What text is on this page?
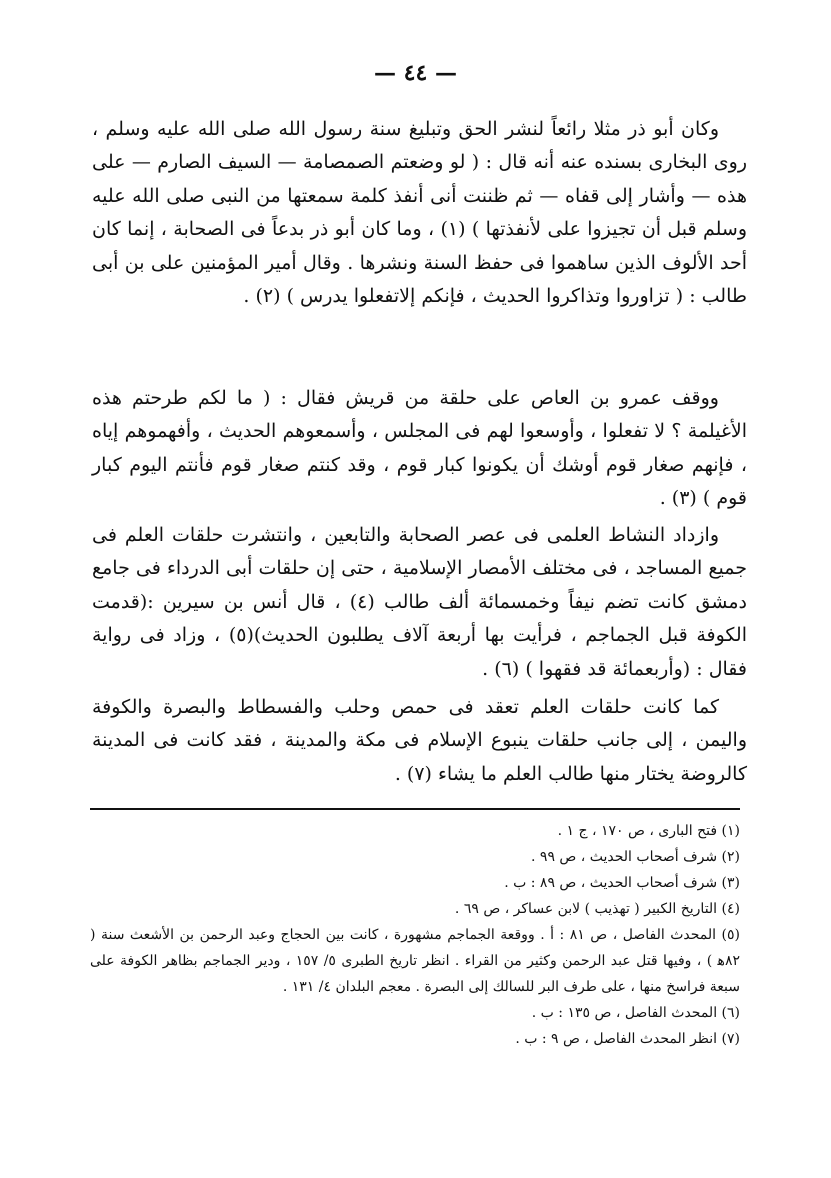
— ٤٤ —

وكان أبو ذر مثلا رائعاً لنشر الحق وتبليغ سنة رسول الله صلى الله عليه وسلم ، روى البخارى بسنده عنه أنه قال : ( لو وضعتم الصمصامة — السيف الصارم — على هذه — وأشار إلى قفاه — ثم ظننت أنى أنفذ كلمة سمعتها من النبى صلى الله عليه وسلم قبل أن تجيزوا على لأنفذتها ) (١) ، وما كان أبو ذر بدعاً فى الصحابة ، إنما كان أحد الألوف الذين ساهموا فى حفظ السنة ونشرها . وقال أمير المؤمنين على بن أبى طالب : ( تزاوروا وتذاكروا الحديث ، فإنكم إلاتفعلوا يدرس ) (٢) .

ووقف عمرو بن العاص على حلقة من قريش فقال : ( ما لكم طرحتم هذه الأغيلمة ؟ لا تفعلوا ، وأوسعوا لهم فى المجلس ، وأسمعوهم الحديث ، وأفهموهم إياه ، فإنهم صغار قوم أوشك أن يكونوا كبار قوم ، وقد كنتم صغار قوم فأنتم اليوم كبار قوم ) (٣) .

وازداد النشاط العلمى فى عصر الصحابة والتابعين ، وانتشرت حلقات العلم فى جميع المساجد ، فى مختلف الأمصار الإسلامية ، حتى إن حلقات أبى الدرداء فى جامع دمشق كانت تضم نيفاً وخمسمائة ألف طالب (٤) ، قال أنس بن سيرين :(قدمت الكوفة قبل الجماجم ، فرأيت بها أربعة آلاف يطلبون الحديث)(٥) ، وزاد فى رواية فقال : (وأربعمائة قد فقهوا ) (٦) .

كما كانت حلقات العلم تعقد فى حمص وحلب والفسطاط والبصرة والكوفة واليمن ، إلى جانب حلقات ينبوع الإسلام فى مكة والمدينة ، فقد كانت فى المدينة كالروضة يختار منها طالب العلم ما يشاء (٧) .

(١) فتح البارى ، ص ١٧٠ ، ج ١ .

(٢) شرف أصحاب الحديث ، ص ٩٩ .

(٣) شرف أصحاب الحديث ، ص ٨٩ : ب .

(٤) التاريخ الكبير ( تهذيب ) لابن عساكر ، ص ٦٩ .

(٥) المحدث الفاصل ، ص ٨١ : أ . ووقعة الجماجم مشهورة ، كانت بين الحجاج وعبد الرحمن بن الأشعث سنة ( ٨٢ﻫ ) ، وفيها قتل عبد الرحمن وكثير من القراء . انظر تاريخ الطبرى ٥/ ١٥٧ ، ودير الجماجم بظاهر الكوفة على سبعة فراسخ منها ، على طرف البر للسالك إلى البصرة . معجم البلدان ٤/ ١٣١ .

(٦) المحدث الفاصل ، ص ١٣٥ : ب .

(٧) انظر المحدث الفاصل ، ص ٩ : ب .
